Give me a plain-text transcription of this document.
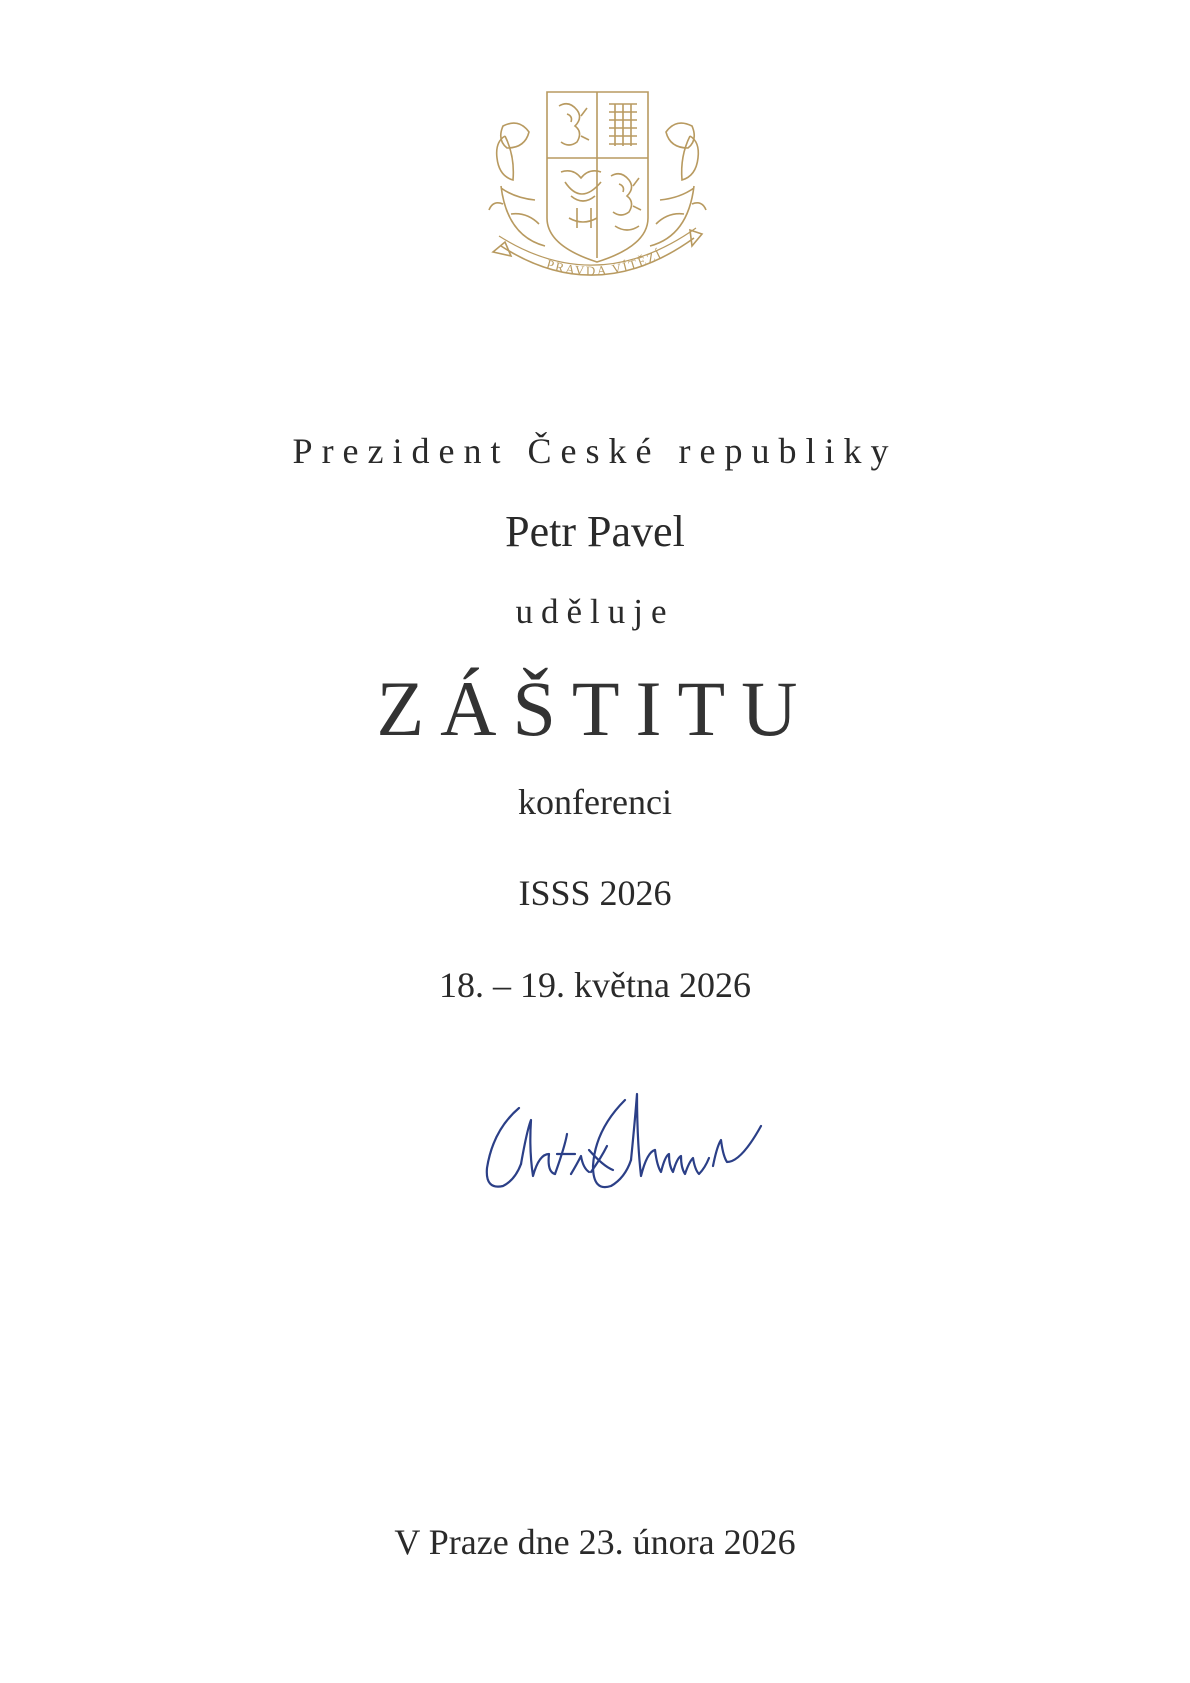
PRAVDA VÍTĚZÍ
Prezident České republiky
Petr Pavel
uděluje
ZÁŠTITU
konferenci
ISSS 2026
18. – 19. května 2026
V Praze dne 23. února 2026
